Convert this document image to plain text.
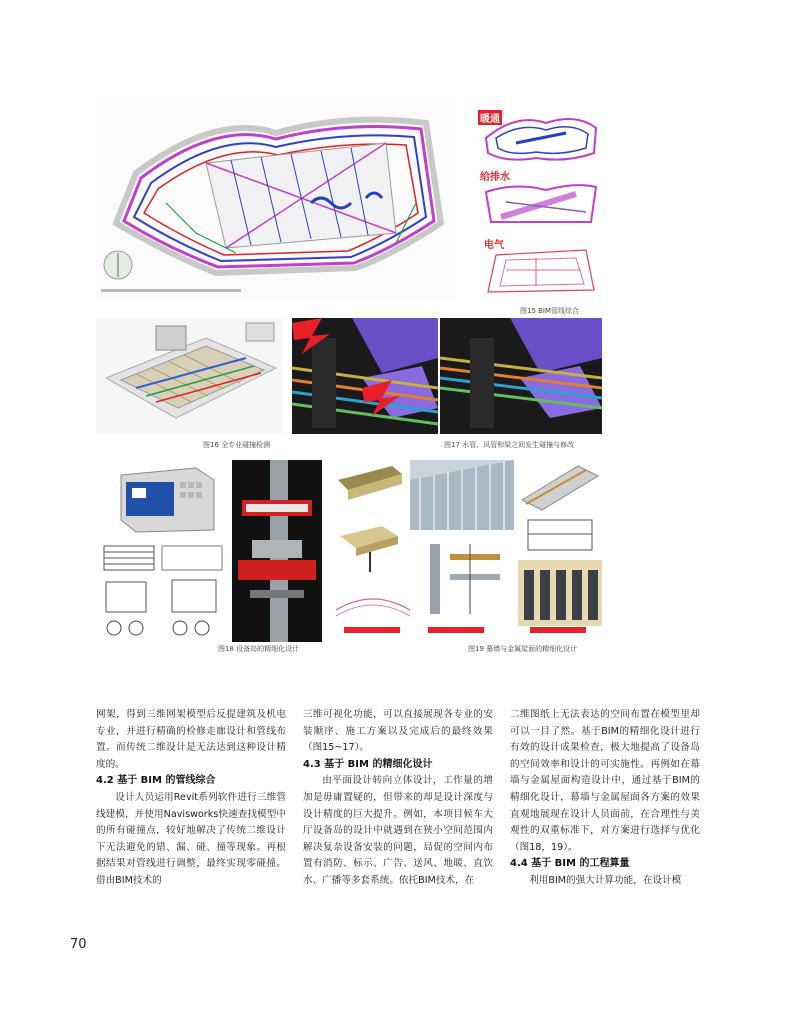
暖通
给排水
电气
图15 BIM管线综合
图16 全专业碰撞检测	图17 水管、风管和梁之间发生碰撞与修改
图18 设备岛的精细化设计	图19 幕墙与金属屋面的精细化设计

网架，得到三维网架模型后反提建筑及机电专业，并进行精确的检修走廊设计和管线布置。而传统二维设计是无法达到这种设计精度的。

4.2 基于 BIM 的管线综合

设计人员运用Revit系列软件进行三维管线建模，并使用Navisworks快速查找模型中的所有碰撞点，较好地解决了传统二维设计下无法避免的错、漏、碰、撞等现象。再根据结果对管线进行调整，最终实现零碰撞。借由BIM技术的

三维可视化功能，可以直接展现各专业的安装顺序、施工方案以及完成后的最终效果（图15~17）。

4.3 基于 BIM 的精细化设计

由平面设计转向立体设计，工作量的增加是毋庸置疑的，但带来的却是设计深度与设计精度的巨大提升。例如，本项目候车大厅设备岛的设计中就遇到在狭小空间范围内解决复杂设备安装的问题，局促的空间内布置有消防、标示、广告、送风、地暖、直饮水、广播等多套系统。依托BIM技术，在

二维图纸上无法表达的空间布置在模型里却可以一目了然。基于BIM的精细化设计进行有效的设计成果检查，极大地提高了设备岛的空间效率和设计的可实施性。再例如在幕墙与金属屋面构造设计中，通过基于BIM的精细化设计，幕墙与金属屋面各方案的效果直观地展现在设计人员面前，在合理性与美观性的双重标准下，对方案进行选择与优化（图18，19）。

4.4 基于 BIM 的工程算量

利用BIM的强大计算功能，在设计模

70
